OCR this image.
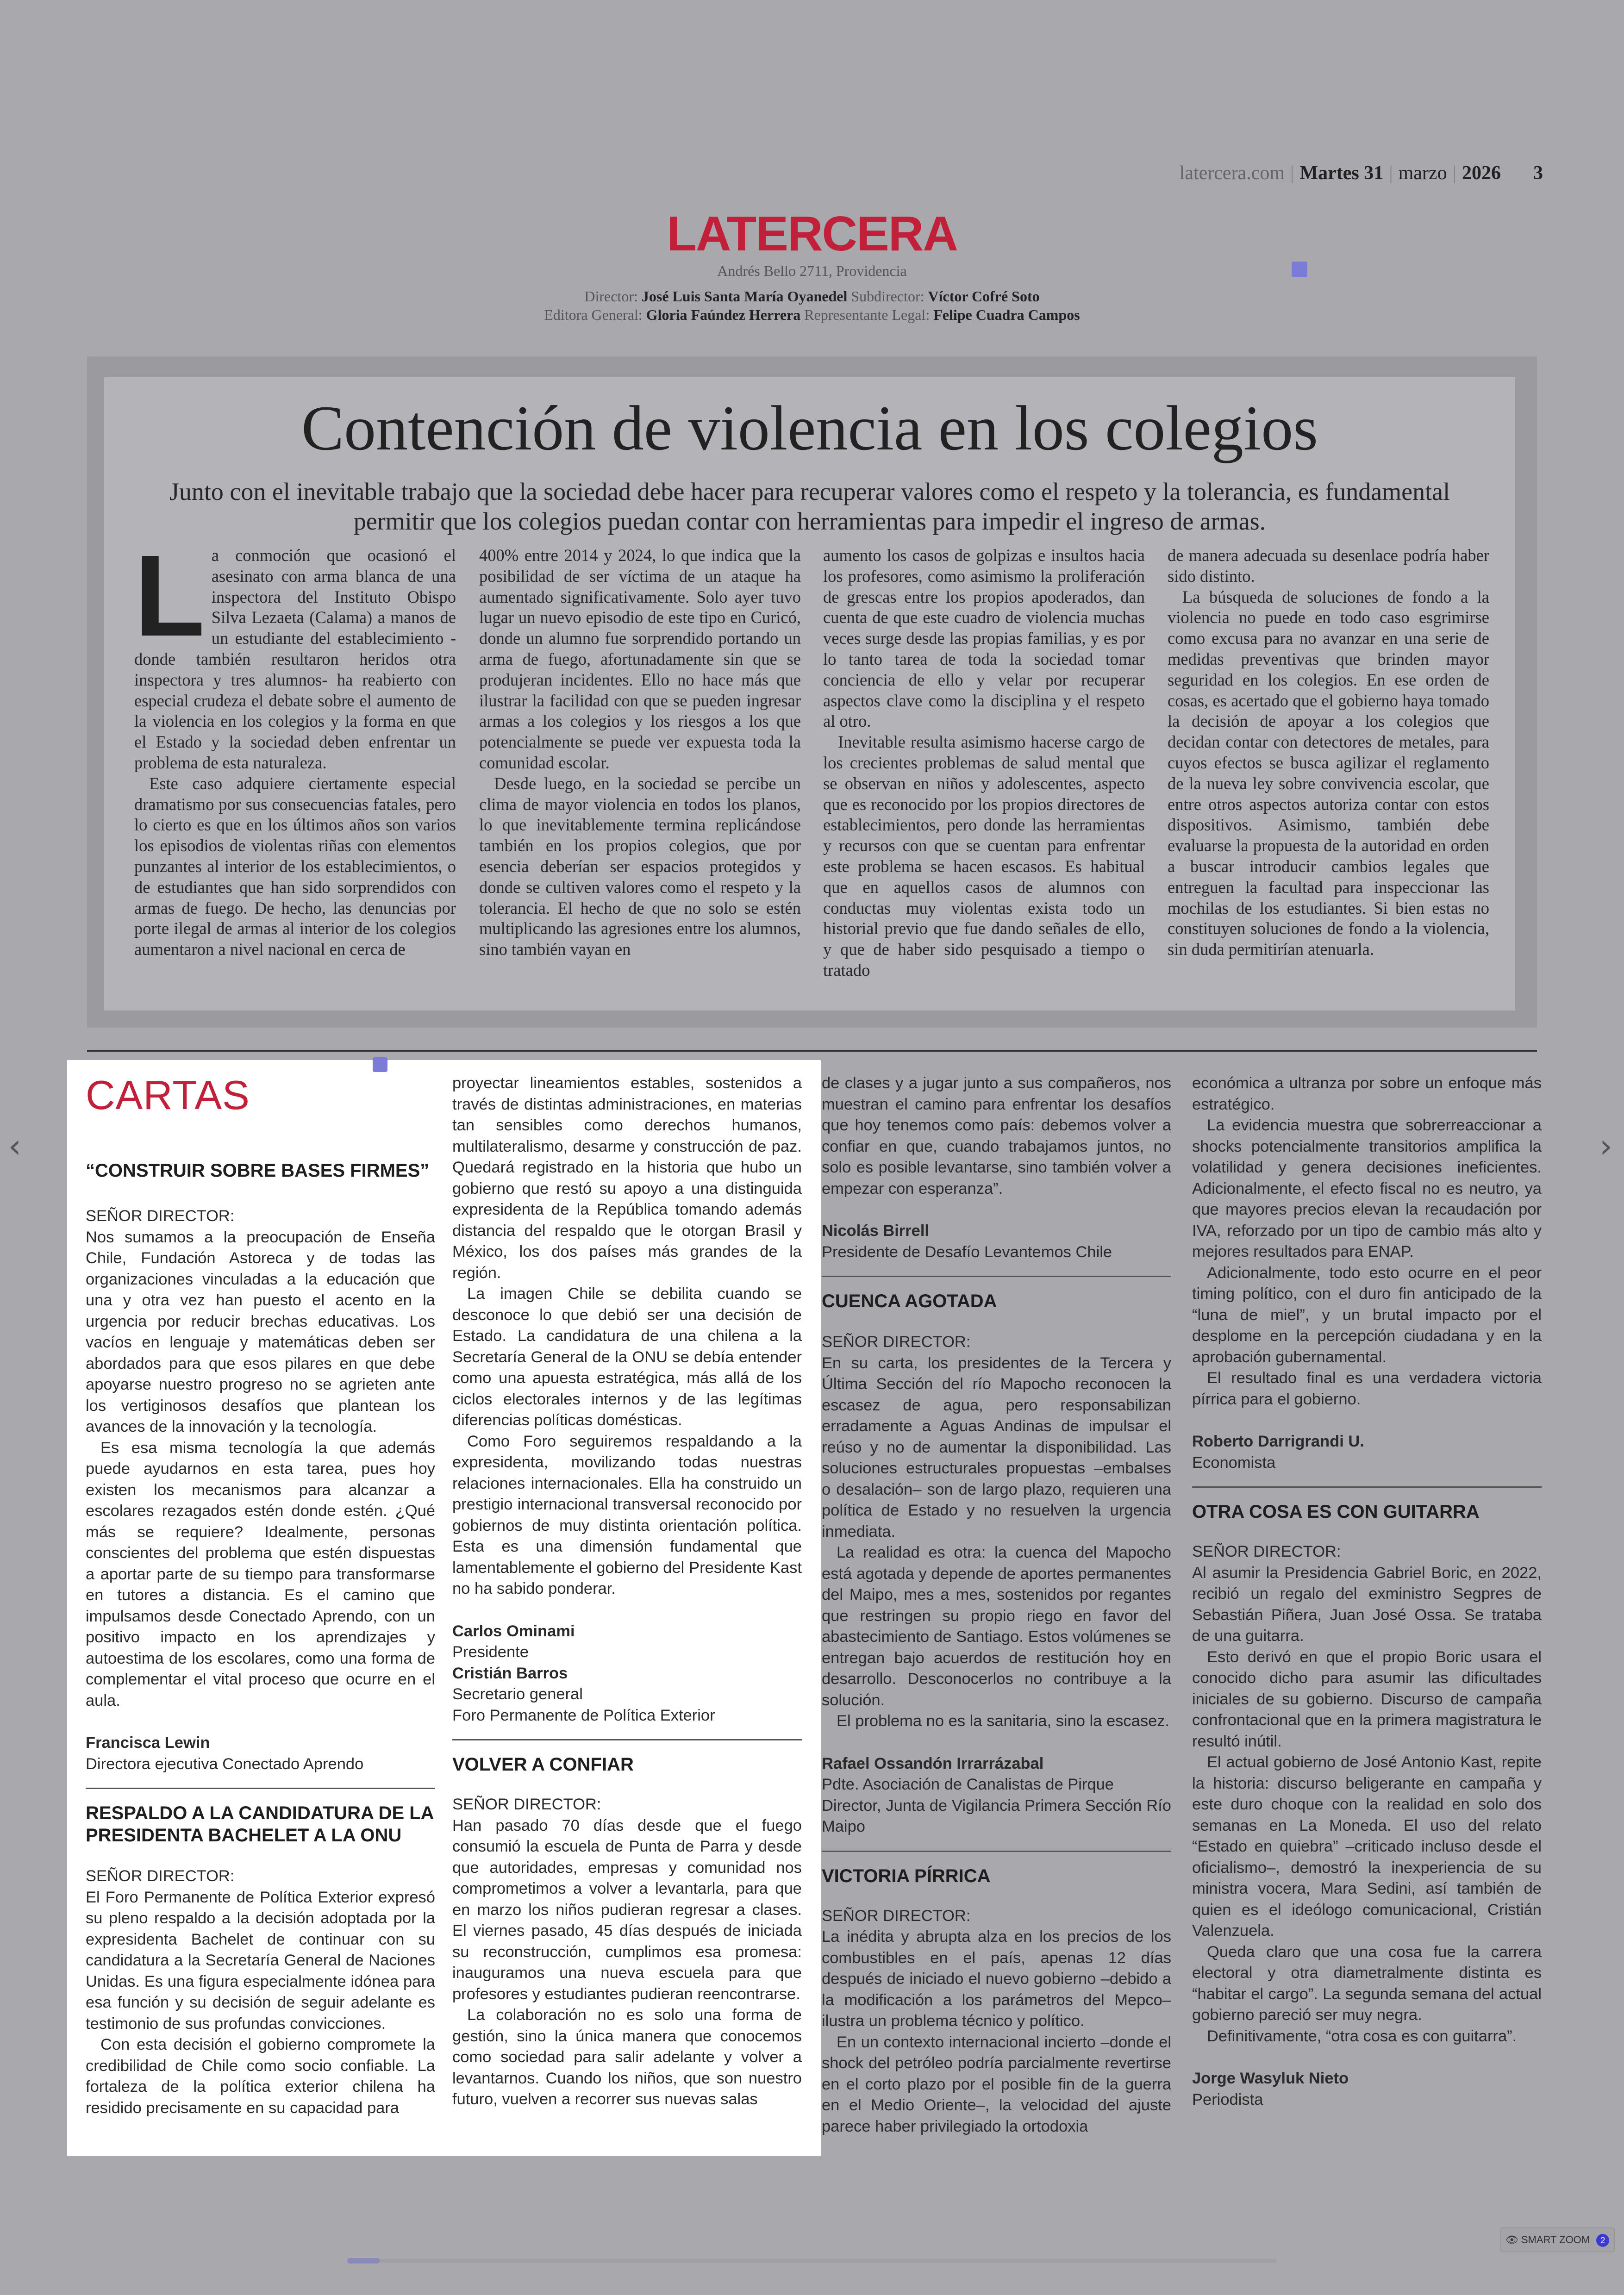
latercera.com | Martes 31 | marzo | 2026 3
LATERCERA
Andrés Bello 2711, Providencia
Director: José Luis Santa María Oyanedel Subdirector: Víctor Cofré Soto
Editora General: Gloria Faúndez Herrera Representante Legal: Felipe Cuadra Campos
Contención de violencia en los colegios
Junto con el inevitable trabajo que la sociedad debe hacer para recuperar valores como el respeto y la tolerancia, es fundamental permitir que los colegios puedan contar con herramientas para impedir el ingreso de armas.
L a conmoción que ocasionó el asesinato con arma blanca de una inspectora del Instituto Obispo Silva Lezaeta (Calama) a manos de un estudiante del establecimiento -donde también resultaron heridos otra inspectora y tres alumnos- ha reabierto con especial crudeza el debate sobre el aumento de la violencia en los colegios y la forma en que el Estado y la sociedad deben enfrentar un problema de esta naturaleza.

Este caso adquiere ciertamente especial dramatismo por sus consecuencias fatales, pero lo cierto es que en los últimos años son varios los episodios de violentas riñas con elementos punzantes al interior de los establecimientos, o de estudiantes que han sido sorprendidos con armas de fuego. De hecho, las denuncias por porte ilegal de armas al interior de los colegios aumentaron a nivel nacional en cerca de

400% entre 2014 y 2024, lo que indica que la posibilidad de ser víctima de un ataque ha aumentado significativamente. Solo ayer tuvo lugar un nuevo episodio de este tipo en Curicó, donde un alumno fue sorprendido portando un arma de fuego, afortunadamente sin que se produjeran incidentes. Ello no hace más que ilustrar la facilidad con que se pueden ingresar armas a los colegios y los riesgos a los que potencialmente se puede ver expuesta toda la comunidad escolar.

Desde luego, en la sociedad se percibe un clima de mayor violencia en todos los planos, lo que inevitablemente termina replicándose también en los propios colegios, que por esencia deberían ser espacios protegidos y donde se cultiven valores como el respeto y la tolerancia. El hecho de que no solo se estén multiplicando las agresiones entre los alumnos, sino también vayan en

aumento los casos de golpizas e insultos hacia los profesores, como asimismo la proliferación de grescas entre los propios apoderados, dan cuenta de que este cuadro de violencia muchas veces surge desde las propias familias, y es por lo tanto tarea de toda la sociedad tomar conciencia de ello y velar por recuperar aspectos clave como la disciplina y el respeto al otro.

Inevitable resulta asimismo hacerse cargo de los crecientes problemas de salud mental que se observan en niños y adolescentes, aspecto que es reconocido por los propios directores de establecimientos, pero donde las herramientas y recursos con que se cuentan para enfrentar este problema se hacen escasos. Es habitual que en aquellos casos de alumnos con conductas muy violentas exista todo un historial previo que fue dando señales de ello, y que de haber sido pesquisado a tiempo o tratado

de manera adecuada su desenlace podría haber sido distinto.

La búsqueda de soluciones de fondo a la violencia no puede en todo caso esgrimirse como excusa para no avanzar en una serie de medidas preventivas que brinden mayor seguridad en los colegios. En ese orden de cosas, es acertado que el gobierno haya tomado la decisión de apoyar a los colegios que decidan contar con detectores de metales, para cuyos efectos se busca agilizar el reglamento de la nueva ley sobre convivencia escolar, que entre otros aspectos autoriza contar con estos dispositivos. Asimismo, también debe evaluarse la propuesta de la autoridad en orden a buscar introducir cambios legales que entreguen la facultad para inspeccionar las mochilas de los estudiantes. Si bien estas no constituyen soluciones de fondo a la violencia, sin duda permitirían atenuarla.

CARTAS
“CONSTRUIR SOBRE BASES FIRMES”

SEÑOR DIRECTOR:

Nos sumamos a la preocupación de Enseña Chile, Fundación Astoreca y de todas las organizaciones vinculadas a la educación que una y otra vez han puesto el acento en la urgencia por reducir brechas educativas. Los vacíos en lenguaje y matemáticas deben ser abordados para que esos pilares en que debe apoyarse nuestro progreso no se agrieten ante los vertiginosos desafíos que plantean los avances de la innovación y la tecnología.

Es esa misma tecnología la que además puede ayudarnos en esta tarea, pues hoy existen los mecanismos para alcanzar a escolares rezagados estén donde estén. ¿Qué más se requiere? Idealmente, personas conscientes del problema que estén dispuestas a aportar parte de su tiempo para transformarse en tutores a distancia. Es el camino que impulsamos desde Conectado Aprendo, con un positivo impacto en los aprendizajes y autoestima de los escolares, como una forma de complementar el vital proceso que ocurre en el aula.

Francisca Lewin

Directora ejecutiva Conectado Aprendo

RESPALDO A LA CANDIDATURA DE LA PRESIDENTA BACHELET A LA ONU

SEÑOR DIRECTOR:

El Foro Permanente de Política Exterior expresó su pleno respaldo a la decisión adoptada por la expresidenta Bachelet de continuar con su candidatura a la Secretaría General de Naciones Unidas. Es una figura especialmente idónea para esa función y su decisión de seguir adelante es testimonio de sus profundas convicciones.

Con esta decisión el gobierno compromete la credibilidad de Chile como socio confiable. La fortaleza de la política exterior chilena ha residido precisamente en su capacidad para

proyectar lineamientos estables, sostenidos a través de distintas administraciones, en materias tan sensibles como derechos humanos, multilateralismo, desarme y construcción de paz. Quedará registrado en la historia que hubo un gobierno que restó su apoyo a una distinguida expresidenta de la República tomando además distancia del respaldo que le otorgan Brasil y México, los dos países más grandes de la región.

La imagen Chile se debilita cuando se desconoce lo que debió ser una decisión de Estado. La candidatura de una chilena a la Secretaría General de la ONU se debía entender como una apuesta estratégica, más allá de los ciclos electorales internos y de las legítimas diferencias políticas domésticas.

Como Foro seguiremos respaldando a la expresidenta, movilizando todas nuestras relaciones internacionales. Ella ha construido un prestigio internacional transversal reconocido por gobiernos de muy distinta orientación política. Esta es una dimensión fundamental que lamentablemente el gobierno del Presidente Kast no ha sabido ponderar.

Carlos Ominami

Presidente

Cristián Barros

Secretario general

Foro Permanente de Política Exterior

VOLVER A CONFIAR

SEÑOR DIRECTOR:

Han pasado 70 días desde que el fuego consumió la escuela de Punta de Parra y desde que autoridades, empresas y comunidad nos comprometimos a volver a levantarla, para que en marzo los niños pudieran regresar a clases. El viernes pasado, 45 días después de iniciada su reconstrucción, cumplimos esa promesa: inauguramos una nueva escuela para que profesores y estudiantes pudieran reencontrarse.

La colaboración no es solo una forma de gestión, sino la única manera que conocemos como sociedad para salir adelante y volver a levantarnos. Cuando los niños, que son nuestro futuro, vuelven a recorrer sus nuevas salas

de clases y a jugar junto a sus compañeros, nos muestran el camino para enfrentar los desafíos que hoy tenemos como país: debemos volver a confiar en que, cuando trabajamos juntos, no solo es posible levantarse, sino también volver a empezar con esperanza”.

Nicolás Birrell

Presidente de Desafío Levantemos Chile

CUENCA AGOTADA

SEÑOR DIRECTOR:

En su carta, los presidentes de la Tercera y Última Sección del río Mapocho reconocen la escasez de agua, pero responsabilizan erradamente a Aguas Andinas de impulsar el reúso y no de aumentar la disponibilidad. Las soluciones estructurales propuestas –embalses o desalación– son de largo plazo, requieren una política de Estado y no resuelven la urgencia inmediata.

La realidad es otra: la cuenca del Mapocho está agotada y depende de aportes permanentes del Maipo, mes a mes, sostenidos por regantes que restringen su propio riego en favor del abastecimiento de Santiago. Estos volúmenes se entregan bajo acuerdos de restitución hoy en desarrollo. Desconocerlos no contribuye a la solución.

El problema no es la sanitaria, sino la escasez.

Rafael Ossandón Irrarrázabal

Pdte. Asociación de Canalistas de Pirque

Director, Junta de Vigilancia Primera Sección Río Maipo

VICTORIA PÍRRICA

SEÑOR DIRECTOR:

La inédita y abrupta alza en los precios de los combustibles en el país, apenas 12 días después de iniciado el nuevo gobierno –debido a la modificación a los parámetros del Mepco– ilustra un problema técnico y político.

En un contexto internacional incierto –donde el shock del petróleo podría parcialmente revertirse en el corto plazo por el posible fin de la guerra en el Medio Oriente–, la velocidad del ajuste parece haber privilegiado la ortodoxia

económica a ultranza por sobre un enfoque más estratégico.

La evidencia muestra que sobrerreaccionar a shocks potencialmente transitorios amplifica la volatilidad y genera decisiones ineficientes. Adicionalmente, el efecto fiscal no es neutro, ya que mayores precios elevan la recaudación por IVA, reforzado por un tipo de cambio más alto y mejores resultados para ENAP.

Adicionalmente, todo esto ocurre en el peor timing político, con el duro fin anticipado de la “luna de miel”, y un brutal impacto por el desplome en la percepción ciudadana y en la aprobación gubernamental.

El resultado final es una verdadera victoria pírrica para el gobierno.

Roberto Darrigrandi U.

Economista

OTRA COSA ES CON GUITARRA

SEÑOR DIRECTOR:

Al asumir la Presidencia Gabriel Boric, en 2022, recibió un regalo del exministro Segpres de Sebastián Piñera, Juan José Ossa. Se trataba de una guitarra.

Esto derivó en que el propio Boric usara el conocido dicho para asumir las dificultades iniciales de su gobierno. Discurso de campaña confrontacional que en la primera magistratura le resultó inútil.

El actual gobierno de José Antonio Kast, repite la historia: discurso beligerante en campaña y este duro choque con la realidad en solo dos semanas en La Moneda. El uso del relato “Estado en quiebra” –criticado incluso desde el oficialismo–, demostró la inexperiencia de su ministra vocera, Mara Sedini, así también de quien es el ideólogo comunicacional, Cristián Valenzuela.

Queda claro que una cosa fue la carrera electoral y otra diametralmente distinta es “habitar el cargo”. La segunda semana del actual gobierno pareció ser muy negra.

Definitivamente, “otra cosa es con guitarra”.

Jorge Wasyluk Nieto

Periodista

‹	›
👁 SMART ZOOM 2
